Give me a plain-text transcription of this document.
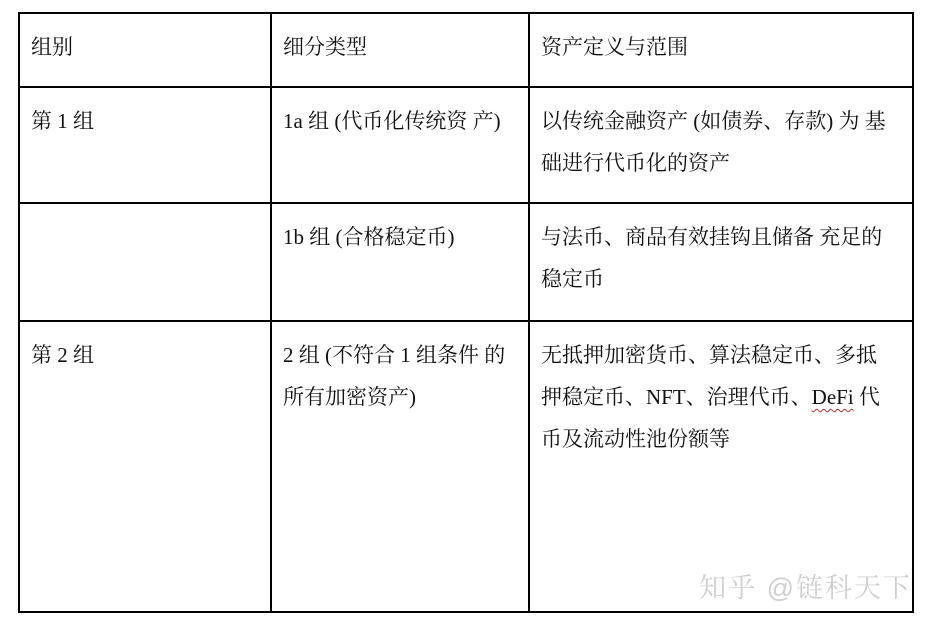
组别	细分类型	资产定义与范围
第 1 组	1a 组 (代币化传统资 产)	以传统金融资产 (如债券、存款) 为 基础进行代币化的资产
	1b 组 (合格稳定币)	与法币、商品有效挂钩且储备 充足的 稳定币
第 2 组	2 组 (不符合 1 组条件 的所有加密资产)	无抵押加密货币、算法稳定币、多抵 押稳定币、NFT、治理代币、DeFi 代 币及流动性池份额等
知乎 @链科天下
